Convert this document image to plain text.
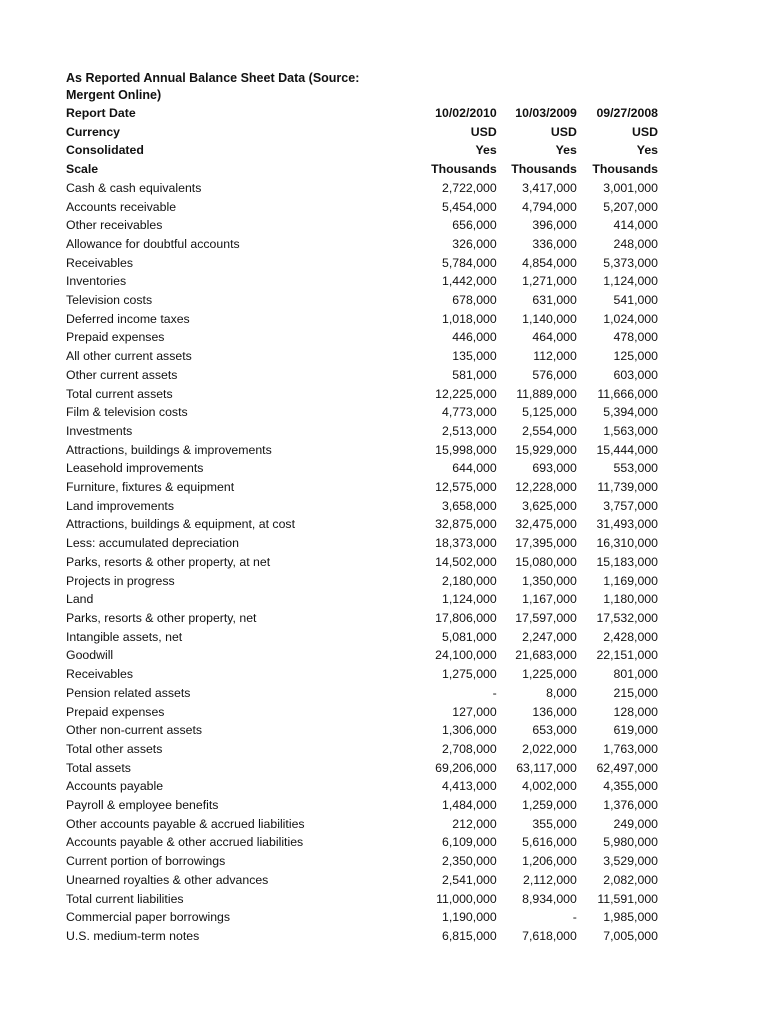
As Reported Annual Balance Sheet Data (Source: Mergent Online)
Report Date	10/02/2010	10/03/2009	09/27/2008
Currency	USD	USD	USD
Consolidated	Yes	Yes	Yes
Scale	Thousands	Thousands	Thousands
Cash & cash equivalents	2,722,000	3,417,000	3,001,000
Accounts receivable	5,454,000	4,794,000	5,207,000
Other receivables	656,000	396,000	414,000
Allowance for doubtful accounts	326,000	336,000	248,000
Receivables	5,784,000	4,854,000	5,373,000
Inventories	1,442,000	1,271,000	1,124,000
Television costs	678,000	631,000	541,000
Deferred income taxes	1,018,000	1,140,000	1,024,000
Prepaid expenses	446,000	464,000	478,000
All other current assets	135,000	112,000	125,000
Other current assets	581,000	576,000	603,000
Total current assets	12,225,000	11,889,000	11,666,000
Film & television costs	4,773,000	5,125,000	5,394,000
Investments	2,513,000	2,554,000	1,563,000
Attractions, buildings & improvements	15,998,000	15,929,000	15,444,000
Leasehold improvements	644,000	693,000	553,000
Furniture, fixtures & equipment	12,575,000	12,228,000	11,739,000
Land improvements	3,658,000	3,625,000	3,757,000
Attractions, buildings & equipment, at cost	32,875,000	32,475,000	31,493,000
Less: accumulated depreciation	18,373,000	17,395,000	16,310,000
Parks, resorts & other property, at net	14,502,000	15,080,000	15,183,000
Projects in progress	2,180,000	1,350,000	1,169,000
Land	1,124,000	1,167,000	1,180,000
Parks, resorts & other property, net	17,806,000	17,597,000	17,532,000
Intangible assets, net	5,081,000	2,247,000	2,428,000
Goodwill	24,100,000	21,683,000	22,151,000
Receivables	1,275,000	1,225,000	801,000
Pension related assets	-	8,000	215,000
Prepaid expenses	127,000	136,000	128,000
Other non-current assets	1,306,000	653,000	619,000
Total other assets	2,708,000	2,022,000	1,763,000
Total assets	69,206,000	63,117,000	62,497,000
Accounts payable	4,413,000	4,002,000	4,355,000
Payroll & employee benefits	1,484,000	1,259,000	1,376,000
Other accounts payable & accrued liabilities	212,000	355,000	249,000
Accounts payable & other accrued liabilities	6,109,000	5,616,000	5,980,000
Current portion of borrowings	2,350,000	1,206,000	3,529,000
Unearned royalties & other advances	2,541,000	2,112,000	2,082,000
Total current liabilities	11,000,000	8,934,000	11,591,000
Commercial paper borrowings	1,190,000	-	1,985,000
U.S. medium-term notes	6,815,000	7,618,000	7,005,000
